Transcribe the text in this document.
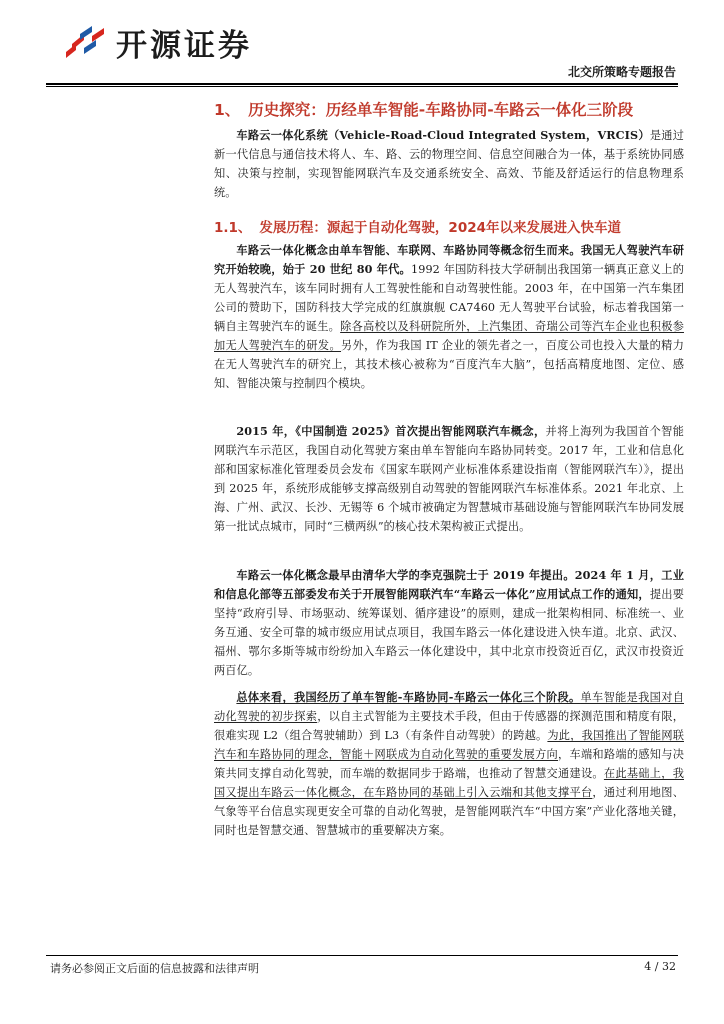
开源证券
北交所策略专题报告
1、 历史探究：历经单车智能-车路协同-车路云一体化三阶段

车路云一体化系统（Vehicle-Road-Cloud Integrated System，VRCIS）是通过新一代信息与通信技术将人、车、路、云的物理空间、信息空间融合为一体，基于系统协同感知、决策与控制，实现智能网联汽车及交通系统安全、高效、节能及舒适运行的信息物理系统。

1.1、 发展历程：源起于自动化驾驶，2024年以来发展进入快车道

车路云一体化概念由单车智能、车联网、车路协同等概念衍生而来。我国无人驾驶汽车研究开始较晚，始于 20 世纪 80 年代。1992 年国防科技大学研制出我国第一辆真正意义上的无人驾驶汽车，该车同时拥有人工驾驶性能和自动驾驶性能。2003 年，在中国第一汽车集团公司的赞助下，国防科技大学完成的红旗旗舰 CA7460 无人驾驶平台试验，标志着我国第一辆自主驾驶汽车的诞生。除各高校以及科研院所外，上汽集团、奇瑞公司等汽车企业也积极参加无人驾驶汽车的研发。另外，作为我国 IT 企业的领先者之一，百度公司也投入大量的精力在无人驾驶汽车的研究上，其技术核心被称为“百度汽车大脑”，包括高精度地图、定位、感知、智能决策与控制四个模块。

2015 年，《中国制造 2025》首次提出智能网联汽车概念，并将上海列为我国首个智能网联汽车示范区，我国自动化驾驶方案由单车智能向车路协同转变。2017 年，工业和信息化部和国家标准化管理委员会发布《国家车联网产业标准体系建设指南（智能网联汽车）》，提出到 2025 年，系统形成能够支撑高级别自动驾驶的智能网联汽车标准体系。2021 年北京、上海、广州、武汉、长沙、无锡等 6 个城市被确定为智慧城市基础设施与智能网联汽车协同发展第一批试点城市，同时“三横两纵”的核心技术架构被正式提出。

车路云一体化概念最早由清华大学的李克强院士于 2019 年提出。2024 年 1 月，工业和信息化部等五部委发布关于开展智能网联汽车“车路云一体化”应用试点工作的通知，提出要坚持“政府引导、市场驱动、统筹谋划、循序建设”的原则，建成一批架构相同、标准统一、业务互通、安全可靠的城市级应用试点项目，我国车路云一体化建设进入快车道。北京、武汉、福州、鄂尔多斯等城市纷纷加入车路云一体化建设中，其中北京市投资近百亿，武汉市投资近两百亿。

总体来看，我国经历了单车智能-车路协同-车路云一体化三个阶段。单车智能是我国对自动化驾驶的初步探索，以自主式智能为主要技术手段，但由于传感器的探测范围和精度有限，很难实现 L2（组合驾驶辅助）到 L3（有条件自动驾驶）的跨越。为此，我国推出了智能网联汽车和车路协同的理念，智能＋网联成为自动化驾驶的重要发展方向，车端和路端的感知与决策共同支撑自动化驾驶，而车端的数据同步于路端，也推动了智慧交通建设。在此基础上，我国又提出车路云一体化概念，在车路协同的基础上引入云端和其他支撑平台，通过利用地图、气象等平台信息实现更安全可靠的自动化驾驶，是智能网联汽车“中国方案”产业化落地关键，同时也是智慧交通、智慧城市的重要解决方案。

请务必参阅正文后面的信息披露和法律声明	4 / 32
